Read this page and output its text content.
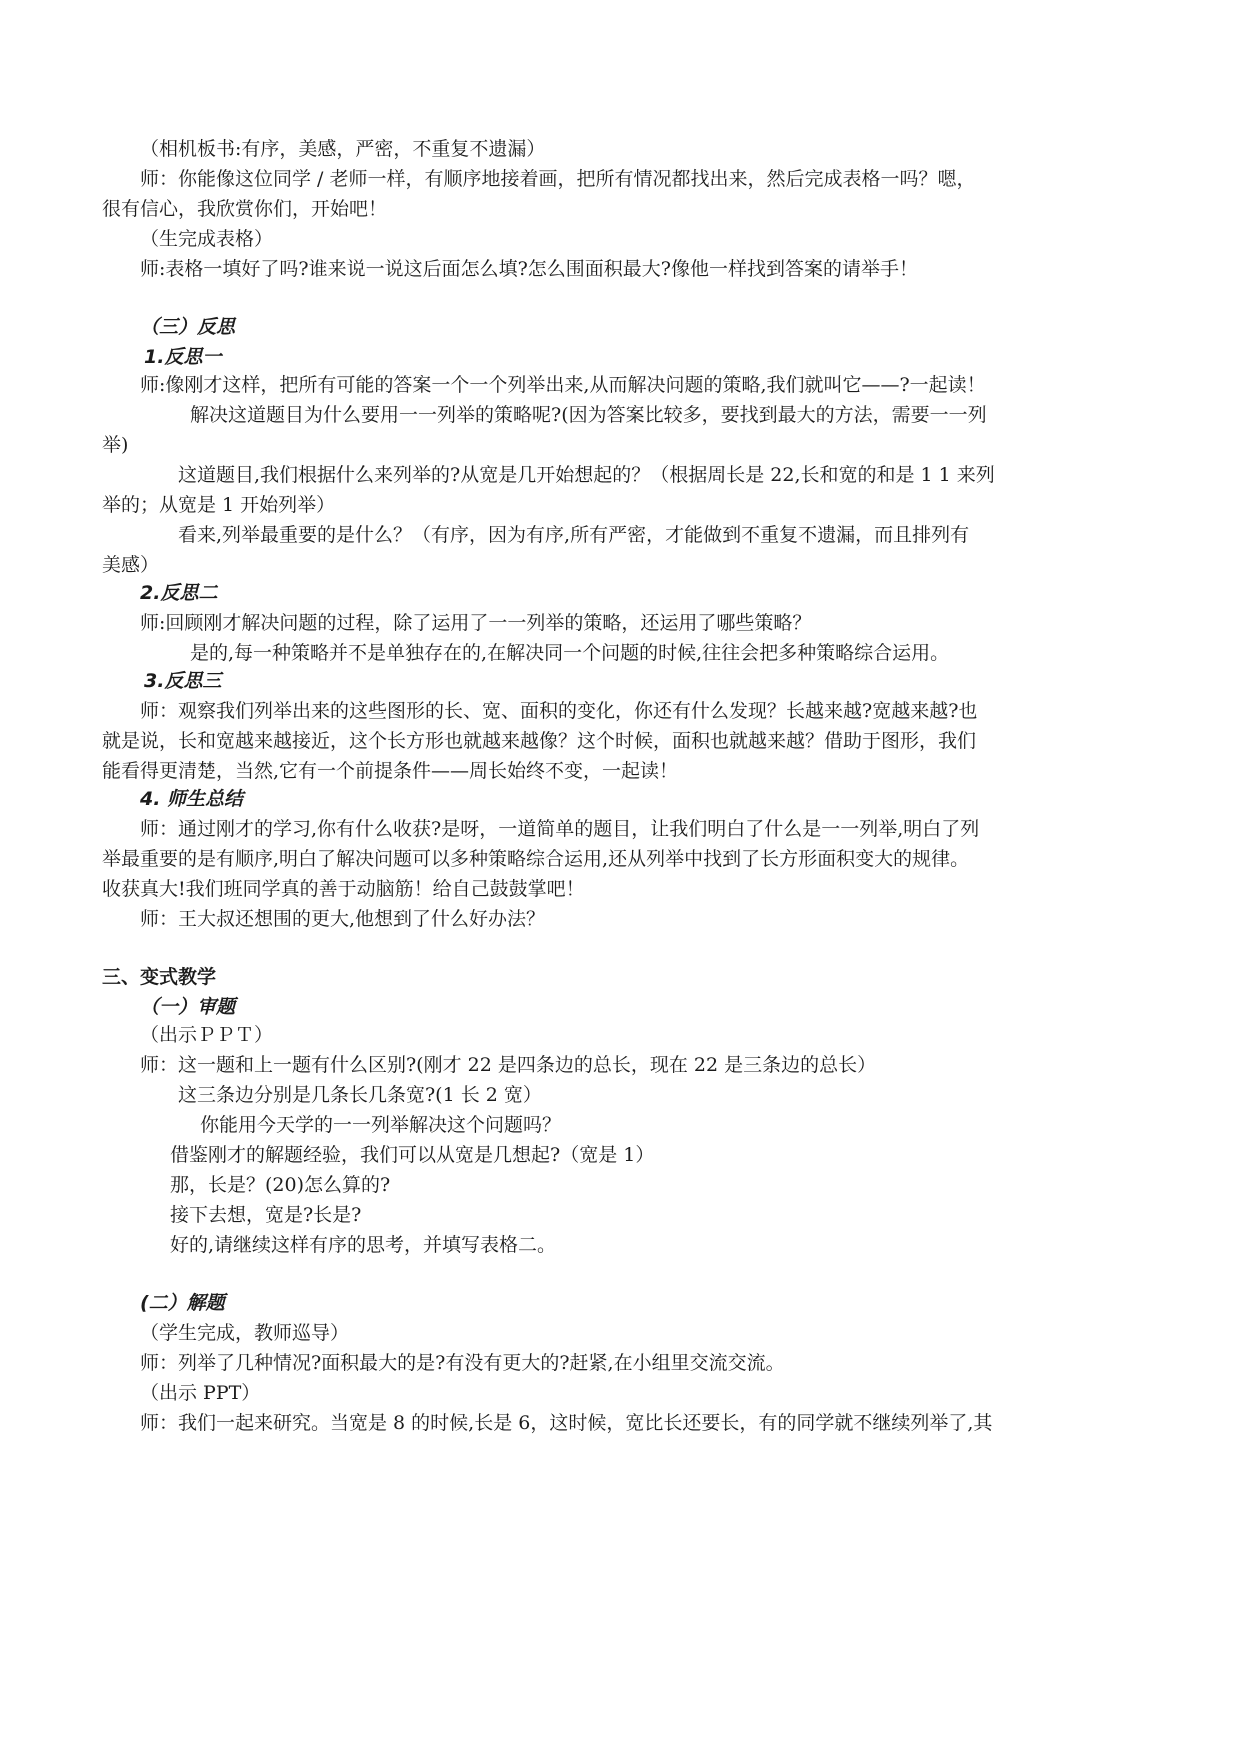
（相机板书:有序，美感，严密，不重复不遗漏）
师：你能像这位同学 / 老师一样，有顺序地接着画，把所有情况都找出来，然后完成表格一吗？嗯，
很有信心，我欣赏你们，开始吧！
（生完成表格）
师:表格一填好了吗?谁来说一说这后面怎么填?怎么围面积最大?像他一样找到答案的请举手！
（三）反思
1.反思一
师:像刚才这样，把所有可能的答案一个一个列举出来,从而解决问题的策略,我们就叫它——?一起读！
解决这道题目为什么要用一一列举的策略呢?(因为答案比较多，要找到最大的方法，需要一一列
举)
这道题目,我们根据什么来列举的?从宽是几开始想起的？（根据周长是 22,长和宽的和是 1 1 来列
举的；从宽是 1 开始列举）
看来,列举最重要的是什么？（有序，因为有序,所有严密，才能做到不重复不遗漏，而且排列有
美感）
2.反思二
师:回顾刚才解决问题的过程，除了运用了一一列举的策略，还运用了哪些策略？
是的,每一种策略并不是单独存在的,在解决同一个问题的时候,往往会把多种策略综合运用。
3.反思三
师：观察我们列举出来的这些图形的长、宽、面积的变化，你还有什么发现？长越来越?宽越来越?也
就是说，长和宽越来越接近，这个长方形也就越来越像？这个时候，面积也就越来越？借助于图形，我们
能看得更清楚，当然,它有一个前提条件——周长始终不变，一起读！
4. 师生总结
师：通过刚才的学习,你有什么收获?是呀，一道简单的题目，让我们明白了什么是一一列举,明白了列
举最重要的是有顺序,明白了解决问题可以多种策略综合运用,还从列举中找到了长方形面积变大的规律。
收获真大!我们班同学真的善于动脑筋！给自己鼓鼓掌吧！
师：王大叔还想围的更大,他想到了什么好办法？
三、变式教学
（一）审题
（出示ＰＰＴ）
师：这一题和上一题有什么区别?(刚才 22 是四条边的总长，现在 22 是三条边的总长）
这三条边分别是几条长几条宽?(1 长 2 宽）
你能用今天学的一一列举解决这个问题吗？
借鉴刚才的解题经验，我们可以从宽是几想起?（宽是 1）
那，长是？(20)怎么算的?
接下去想，宽是?长是?
好的,请继续这样有序的思考，并填写表格二。
(二）解题
（学生完成，教师巡导）
师：列举了几种情况?面积最大的是?有没有更大的?赶紧,在小组里交流交流。
（出示 PPT）
师：我们一起来研究。当宽是 8 的时候,长是 6，这时候，宽比长还要长，有的同学就不继续列举了,其
